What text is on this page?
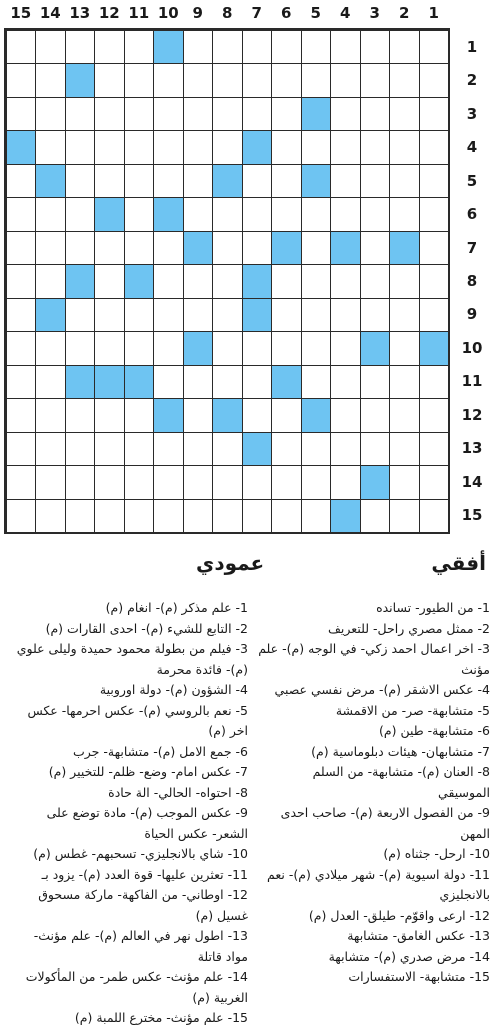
1
2
3
4
5
6
7
8
9
10
11
12
13
14
15
1
2
3
4
5
6
7
8
9
10
11
12
13
14
15
عمودي	أفقي

1- علم مذكر (م)- انغام (م)

2- التابع للشيء (م)- احدى القارات (م)

3- فيلم من بطولة محمود حميدة وليلى علوي (م)- فائدة محرمة

4- الشؤون (م)- دولة اوروبية

5- نعم بالروسي (م)- عكس احرمها- عكس اخر (م)

6- جمع الامل (م)- متشابهة- جرب

7- عكس امام- وضع- ظلم- للتخيير (م)

8- احتواه- الحالي- الة حادة

9- عكس الموجب (م)- مادة توضع على الشعر- عكس الحياة

10- شاي بالانجليزي- تسحبهم- غطس (م)

11- تعثرين عليها- قوة العدد (م)- يزود بـ

12- اوطاني- من الفاكهة- ماركة مسحوق غسيل (م)

13- اطول نهر في العالم (م)- علم مؤنث- مواد قاتلة

14- علم مؤنث- عكس طمر- من المأكولات الغربية (م)

15- علم مؤنث- مخترع اللمبة (م)

1- من الطيور- تسانده

2- ممثل مصري راحل- للتعريف

3- اخر اعمال احمد زكي- في الوجه (م)- علم مؤنث

4- عكس الاشقر (م)- مرض نفسي عصبي

5- متشابهة- صر- من الاقمشة

6- متشابهة- طين (م)

7- متشابهان- هيئات دبلوماسية (م)

8- العنان (م)- متشابهة- من السلم الموسيقي

9- من الفصول الاربعة (م)- صاحب احدى المهن

10- ارحل- جثناه (م)

11- دولة اسيوية (م)- شهر ميلادي (م)- نعم بالانجليزي

12- ارعى واقوّم- طيلق- العدل (م)

13- عكس الغامق- متشابهة

14- مرض صدري (م)- متشابهة

15- متشابهة- الاستفسارات
